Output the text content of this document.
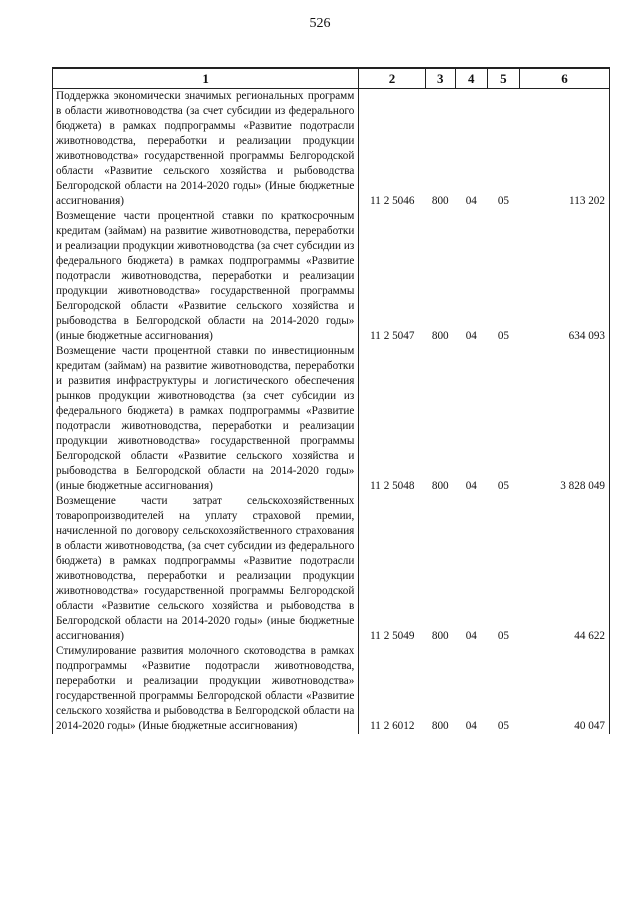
526
1	2	3	4	5	6
Поддержка экономически значимых региональных программ в области животноводства (за счет субсидии из федерального бюджета) в рамках подпрограммы «Развитие подотрасли животноводства, переработки и реализации продукции животноводства» государственной программы Белгородской области «Развитие сельского хозяйства и рыбоводства Белгородской области на 2014-2020 годы» (Иные бюджетные ассигнования)	11 2 5046	800	04	05	113 202
Возмещение части процентной ставки по краткосрочным кредитам (займам) на развитие животноводства, переработки и реализации продукции животноводства (за счет субсидии из федерального бюджета) в рамках подпрограммы «Развитие подотрасли животноводства, переработки и реализации продукции животноводства» государственной программы Белгородской области «Развитие сельского хозяйства и рыбоводства в Белгородской области на 2014-2020 годы» (иные бюджетные ассигнования)	11 2 5047	800	04	05	634 093
Возмещение части процентной ставки по инвестиционным кредитам (займам) на развитие животноводства, переработки и развития инфраструктуры и логистического обеспечения рынков продукции животноводства (за счет субсидии из федерального бюджета) в рамках подпрограммы «Развитие подотрасли животноводства, переработки и реализации продукции животноводства» государственной программы Белгородской области «Развитие сельского хозяйства и рыбоводства в Белгородской области на 2014-2020 годы» (иные бюджетные ассигнования)	11 2 5048	800	04	05	3 828 049
Возмещение части затрат сельскохозяйственных товаропроизводителей на уплату страховой премии, начисленной по договору сельскохозяйственного страхования в области животноводства, (за счет субсидии из федерального бюджета) в рамках подпрограммы «Развитие подотрасли животноводства, переработки и реализации продукции животноводства» государственной программы Белгородской области «Развитие сельского хозяйства и рыбоводства в Белгородской области на 2014-2020 годы» (иные бюджетные ассигнования)	11 2 5049	800	04	05	44 622
Стимулирование развития молочного скотоводства в рамках подпрограммы «Развитие подотрасли животноводства, переработки и реализации продукции животноводства» государственной программы Белгородской области «Развитие сельского хозяйства и рыбоводства в Белгородской области на 2014-2020 годы» (Иные бюджетные ассигнования)	11 2 6012	800	04	05	40 047
